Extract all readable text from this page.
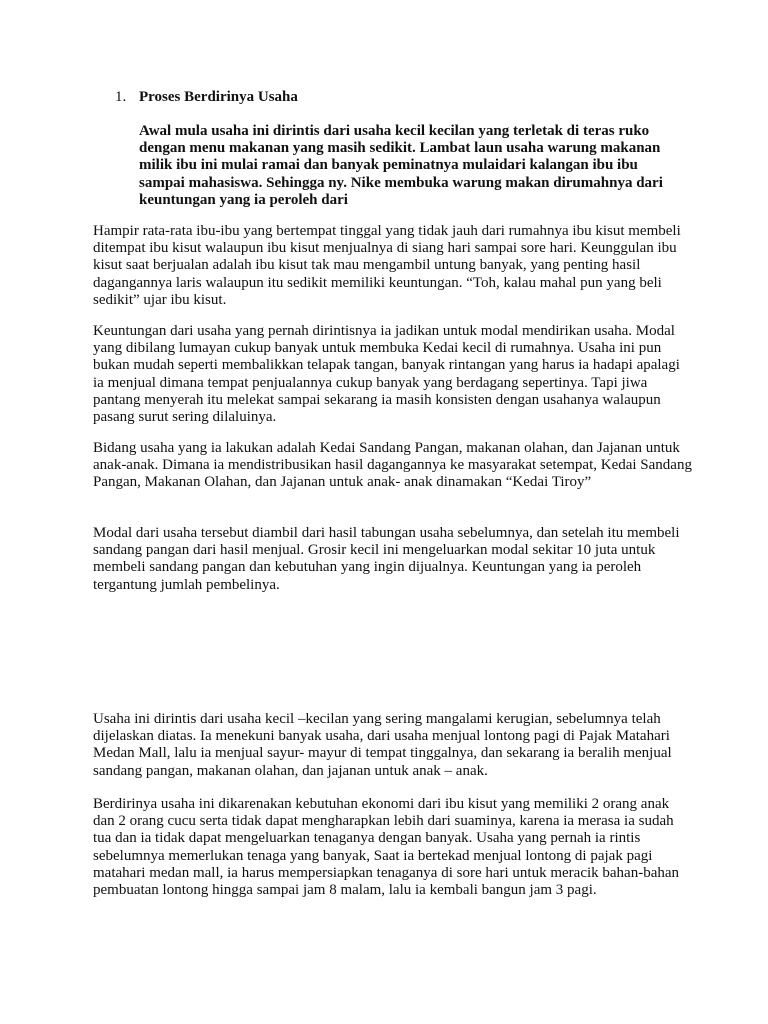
1. Proses Berdirinya Usaha
Awal mula usaha ini dirintis dari usaha kecil kecilan yang terletak di teras ruko dengan menu makanan yang masih sedikit. Lambat laun usaha warung makanan milik ibu ini mulai ramai dan banyak peminatnya mulaidari kalangan ibu ibu sampai mahasiswa. Sehingga ny. Nike membuka warung makan dirumahnya dari keuntungan yang ia peroleh dari
Hampir rata-rata ibu-ibu yang bertempat tinggal yang tidak jauh dari rumahnya ibu kisut membeli ditempat ibu kisut walaupun ibu kisut menjualnya di siang hari sampai sore hari. Keunggulan ibu kisut saat berjualan adalah ibu kisut tak mau mengambil untung banyak, yang penting hasil dagangannya laris walaupun itu sedikit memiliki keuntungan. “Toh, kalau mahal pun yang beli sedikit” ujar ibu kisut.
Keuntungan dari usaha yang pernah dirintisnya ia jadikan untuk modal mendirikan usaha. Modal yang dibilang lumayan cukup banyak untuk membuka Kedai kecil di rumahnya. Usaha ini pun bukan mudah seperti membalikkan telapak tangan, banyak rintangan yang harus ia hadapi apalagi ia menjual dimana tempat penjualannya cukup banyak yang berdagang sepertinya. Tapi jiwa pantang menyerah itu melekat sampai sekarang ia masih konsisten dengan usahanya walaupun pasang surut sering dilaluinya.
Bidang usaha yang ia lakukan adalah Kedai Sandang Pangan, makanan olahan, dan Jajanan untuk anak-anak. Dimana ia mendistribusikan hasil dagangannya ke masyarakat setempat, Kedai Sandang Pangan, Makanan Olahan, dan Jajanan untuk anak- anak dinamakan “Kedai Tiroy”
Modal dari usaha tersebut diambil dari hasil tabungan usaha sebelumnya, dan setelah itu membeli sandang pangan dari hasil menjual. Grosir kecil ini mengeluarkan modal sekitar 10 juta untuk membeli sandang pangan dan kebutuhan yang ingin dijualnya. Keuntungan yang ia peroleh tergantung jumlah pembelinya.
Usaha ini dirintis dari usaha kecil –kecilan yang sering mangalami kerugian, sebelumnya telah dijelaskan diatas. Ia menekuni banyak usaha, dari usaha menjual lontong pagi di Pajak Matahari Medan Mall, lalu ia menjual sayur- mayur di tempat tinggalnya, dan sekarang ia beralih menjual sandang pangan, makanan olahan, dan jajanan untuk anak – anak.
Berdirinya usaha ini dikarenakan kebutuhan ekonomi dari ibu kisut yang memiliki 2 orang anak dan 2 orang cucu serta tidak dapat mengharapkan lebih dari suaminya, karena ia merasa ia sudah tua dan ia tidak dapat mengeluarkan tenaganya dengan banyak. Usaha yang pernah ia rintis sebelumnya memerlukan tenaga yang banyak, Saat ia bertekad menjual lontong di pajak pagi matahari medan mall, ia harus mempersiapkan tenaganya di sore hari untuk meracik bahan-bahan pembuatan lontong hingga sampai jam 8 malam, lalu ia kembali bangun jam 3 pagi.
